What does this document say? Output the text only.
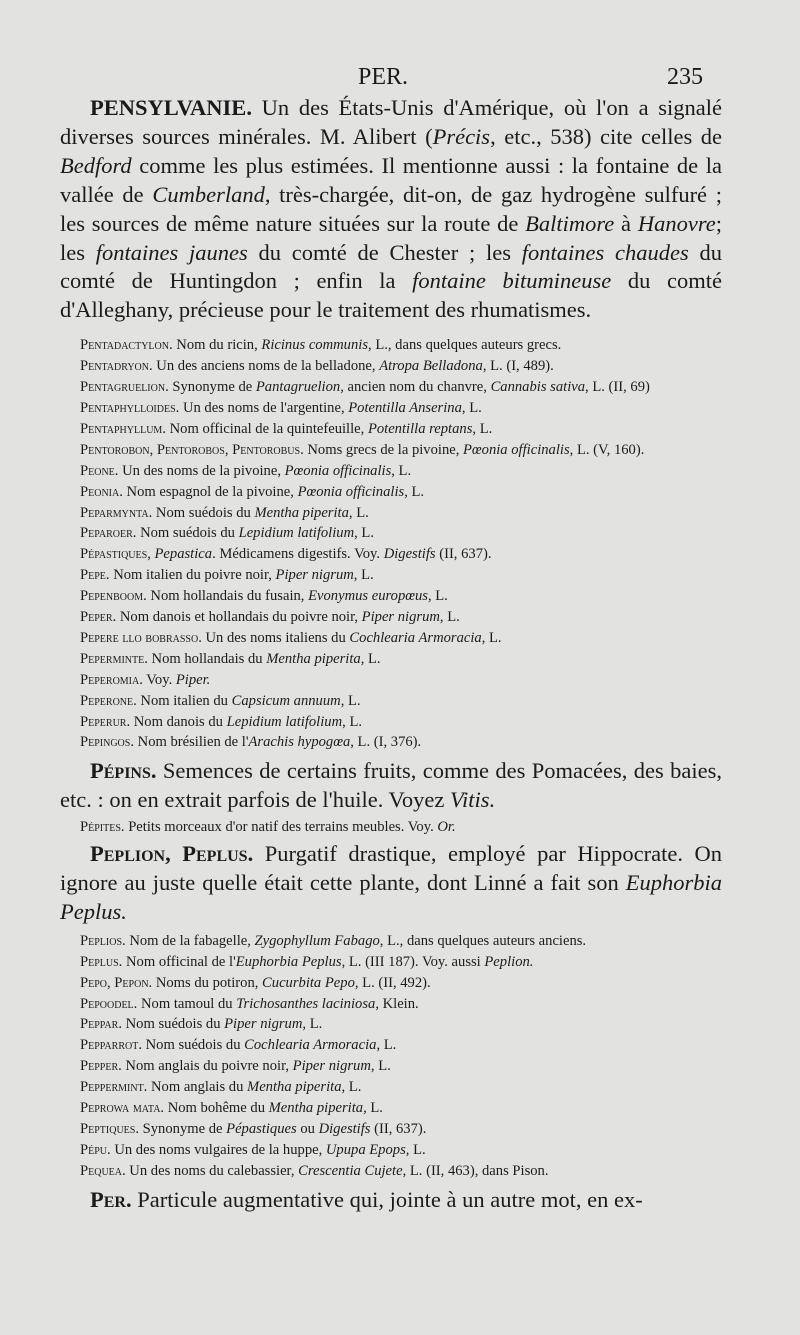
PER.	235

PENSYLVANIE. Un des États-Unis d'Amérique, où l'on a signalé diverses sources minérales. M. Alibert (Précis, etc., 538) cite celles de Bedford comme les plus estimées. Il mentionne aussi : la fontaine de la vallée de Cumberland, très-chargée, dit-on, de gaz hydrogène sulfuré ; les sources de même nature situées sur la route de Baltimore à Hanovre; les fontaines jaunes du comté de Chester ; les fontaines chaudes du comté de Huntingdon ; enfin la fontaine bitumineuse du comté d'Alleghany, précieuse pour le traitement des rhumatismes.

Pentadactylon. Nom du ricin, Ricinus communis, L., dans quelques auteurs grecs.

Pentadryon. Un des anciens noms de la belladone, Atropa Belladona, L. (I, 489).

Pentagruelion. Synonyme de Pantagruelion, ancien nom du chanvre, Cannabis sativa, L. (II, 69)

Pentaphylloides. Un des noms de l'argentine, Potentilla Anserina, L.

Pentaphyllum. Nom officinal de la quintefeuille, Potentilla reptans, L.

Pentorobon, Pentorobos, Pentorobus. Noms grecs de la pivoine, Pœonia officinalis, L. (V, 160).

Peone. Un des noms de la pivoine, Pœonia officinalis, L.

Peonia. Nom espagnol de la pivoine, Pœonia officinalis, L.

Peparmynta. Nom suédois du Mentha piperita, L.

Peparoer. Nom suédois du Lepidium latifolium, L.

Pépastiques, Pepastica. Médicamens digestifs. Voy. Digestifs (II, 637).

Pepe. Nom italien du poivre noir, Piper nigrum, L.

Pepenboom. Nom hollandais du fusain, Evonymus europœus, L.

Peper. Nom danois et hollandais du poivre noir, Piper nigrum, L.

Pepere llo bobrasso. Un des noms italiens du Cochlearia Armoracia, L.

Peperminte. Nom hollandais du Mentha piperita, L.

Peperomia. Voy. Piper.

Peperone. Nom italien du Capsicum annuum, L.

Peperur. Nom danois du Lepidium latifolium, L.

Pepingos. Nom brésilien de l'Arachis hypogœa, L. (I, 376).

Pépins. Semences de certains fruits, comme des Pomacées, des baies, etc. : on en extrait parfois de l'huile. Voyez Vitis.

Pépites. Petits morceaux d'or natif des terrains meubles. Voy. Or.

Peplion, Peplus. Purgatif drastique, employé par Hippocrate. On ignore au juste quelle était cette plante, dont Linné a fait son Euphorbia Peplus.

Peplios. Nom de la fabagelle, Zygophyllum Fabago, L., dans quelques auteurs anciens.

Peplus. Nom officinal de l'Euphorbia Peplus, L. (III 187). Voy. aussi Peplion.

Pepo, Pepon. Noms du potiron, Cucurbita Pepo, L. (II, 492).

Pepoodel. Nom tamoul du Trichosanthes laciniosa, Klein.

Peppar. Nom suédois du Piper nigrum, L.

Pepparrot. Nom suédois du Cochlearia Armoracia, L.

Pepper. Nom anglais du poivre noir, Piper nigrum, L.

Peppermint. Nom anglais du Mentha piperita, L.

Peprowa mata. Nom bohême du Mentha piperita, L.

Peptiques. Synonyme de Pépastiques ou Digestifs (II, 637).

Pépu. Un des noms vulgaires de la huppe, Upupa Epops, L.

Pequea. Un des noms du calebassier, Crescentia Cujete, L. (II, 463), dans Pison.

Per. Particule augmentative qui, jointe à un autre mot, en ex-
